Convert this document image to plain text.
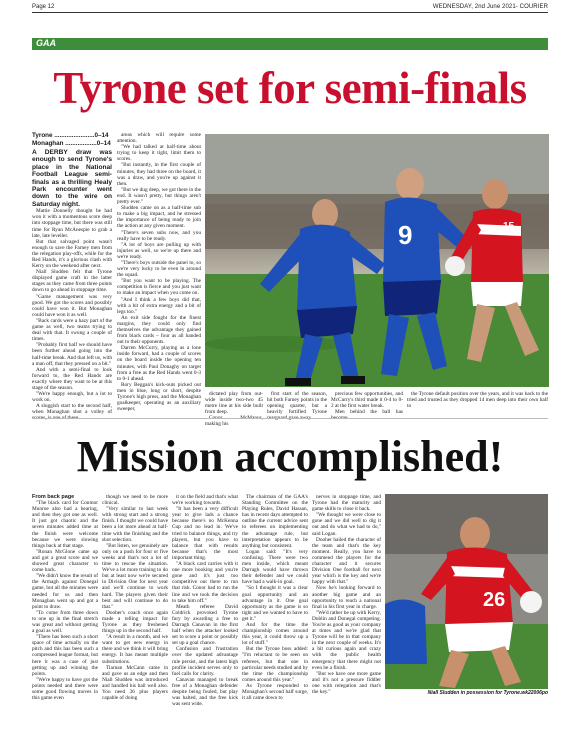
Page 12	WEDNESDAY, 2nd June 2021- COURIER
GAA
Tyrone set for semi-finals
Tyrone .......................0–14
Monaghan ..................0–14
A DERBY draw was enough to send Tyrone's place in the National Football League semi-finals as a thrilling Healy Park encounter went down to the wire on Saturday night.

Mattie Donnelly thought he had won it with a momentous score deep into stoppage time, but there was still time for Ryan McAnespie to grab a late, late leveller.

But that salvaged point wasn't enough to save the Farney men from the relegation play-offs, while for the Red Hands, it's a glorious clash with Kerry on the weekend after next.

Niall Sludden felt that Tyrone displayed game craft in the latter stages as they came from three points down to go ahead in stoppage time.

"Game management was very good. We got the scores and possibly could have won it. But Monaghan could have won it as well.

"Back cards were a hazy part of the game as well, two teams trying to deal with that. It swung a couple of times.

"Probably first half we should have been further ahead going into the half-time break. And that left us, with a man off, that they pressed on a bit."

And with a semi-final to look forward to, the Red Hands are exactly where they want to be at this stage of the season.

"We're happy enough, but a lot to work on.

A sluggish start to the second half, when Monaghan shot a volley of

areas which will require some attention.

"We had talked at half-time about trying to keep it tight, limit them to scores.

"But instantly, in the first couple of minutes, they had three on the board, it was a draw, and you're up against it then.

"But we dug deep, we got there in the end. It wasn't pretty, but things aren't pretty ever."

Sludden came on as a half-time sub to make a big impact, and he stressed the importance of being ready to join the action at any given moment.

"There's seven subs now, and you really have to be ready.

"A lot of boys are pulling up with injuries as well, so we're up there and we're ready.

"There's boys outside the panel to, so we're very lucky to be even in around the squad.

"But you want to be playing. The competition is fierce and you just want to make an impact when you come on.

"And I think a few boys did that, with a bit of extra energy and a bit of legs too."

An exit side fought for the finest margins, they could only find themselves the advantage they gained from black cards – four as all handed out to their opponents.

Darren McCurry, playing as a lone inside forward, had a couple of scores on the board inside the opening ten minutes, with Paul Donaghy on target from a free as the Red Hands went 0-3 to 0-1 ahead.

Rory Beggan's kick-outs picked out men in blue, long or short, despite Tyrone's high press, and the Monaghan goalkeeper, operating as an auxiliary sweeper,

9	15

dictated play from out-wide inside two-two 45 metre line at his side built from deep.

making his

first start of the season, hit both Farney points in the opening quarter, but a heavily fortified Tyrone

precious few opportunities, and McCurry's third made it 0-4 to 0-2 at the first water break.

Men behind the ball has

the Tyrone default position over the years, and it was back to the tried and trusted as they dropped 14 men deep into their own half to

Mission accomplished!
From back page

"The black card for Conmor Munroe also had a bearing, and then they got one as well. It just got chaotic and the seven minutes added time at the finish were welcome because we were slowing things back at that stage.

"Ronan McGlone came up and got a great score and we showed great character to come back.

"We didn't know the result of the Armagh against Donegal game, but all the minutes were needed for us and then Monaghan went up and got a point to draw.

"To come from three down to one up in the final stretch was great and without getting a goal as well.

"There has been such a short space of time actually on the pitch and this has been such a compressed league format, but here it was a case of just getting up and winning the points.

"We're happy to have got the points needed and there were some good flowing moves in this game even

though we need to be more clinical.

"Very similar to last week with strong start and a strong finish. I thought we could have been a lot more ahead at half-time with the finishing and the shot selection.

"But listen, we genuinely are only on a push for four or five weeks and that's not a lot of time to rescue the situation. We've a lot more training to do but at least now we're secured in Division One for next year and we'll continue to work hard. The players given their best and will continue to do that."

Dooher's coach once again made a telling impact for Tyrone as they freshened things up in the second half.

"A result in a month, and we want to get new energy in there and we think it will bring energy. It has meant multiple substitutions.

Tiarnan McCann came in and gave us an edge and then Niall Sludden was introduced and handled his ball well also. You need 36 plus players capable of doing

it on the field and that's what we're working towards.

"It has been a very difficult year to give lads a chance because there's no McKenna Cup and no lead in. We've tried to balance things, and try players, but you have to balance that with results because that's the most important thing.

"A black card carries with it one more booking and you're gone and it's just too competitive out there to run that risk. Conor had to run the line and we took the decision to take him off."

Meath referee David Coldrick provoked Tyrone fury by awarding a free to Darragh Canavan in the first half when the attacker looked set to score a point or possibly set up a goal chance.

Confusion and frustration over the updated advantage rule persist, and the latest high profile incident serves only to fuel calls for clarity.

Canavan managed to break free of a Monaghan defender despite being fouled, but play was halted, and the free kick was sent wide.

The chairman of the GAA's Standing Committee on the Playing Rules, David Hassan, has in recent days attempted to outline the current advice sent to referees on implementing the advantage rule, but interpretation appears to be anything but consistent.

Logan said: "It's very confusing. There were two men inside, which meant Darragh would have thrown their defender and we could have had a walk-in goal.

"So I thought it was a clear goal opportunity and an advantage in it. One goal opportunity as the game is so tight and we wanted to have to get it."

And for the time the championship comes around this year, it could throw up a lot of stuff."

But the Tyrone boss added: "I'm reluctant to be seen on referees, but that one in particular needs studied and by the time the championship comes around this year."

As Tyrone responded to Monaghan's second half surge, it all came down to

nerves in stoppage time, and Tyrone had the maturity and game skills to close it back.

"We thought we were close to gone and we did well to dig it out and do what we had to do," said Logan.

Dooher hailed the character of the team and that's the key moment. Really, you have to commend the players for the character and it secures Division One football for next year which is the key and we're happy with that."

Now he's looking forward to another big game and an opportunity to reach a national final in his first year in charge.

"We'd rather be up with Kerry, Dublin and Donegal competing. You're as good as your company at times and we're glad that Tyrone will be in that company in the next couple of weeks. It's a bit curious again and crazy with the public health emergency that there might not even be a finish.

"But we have one more game and it's not a pressure fiddler one with relegation and that's the key."

26
Niall Sludden in possession for Tyrone.wk22006po
